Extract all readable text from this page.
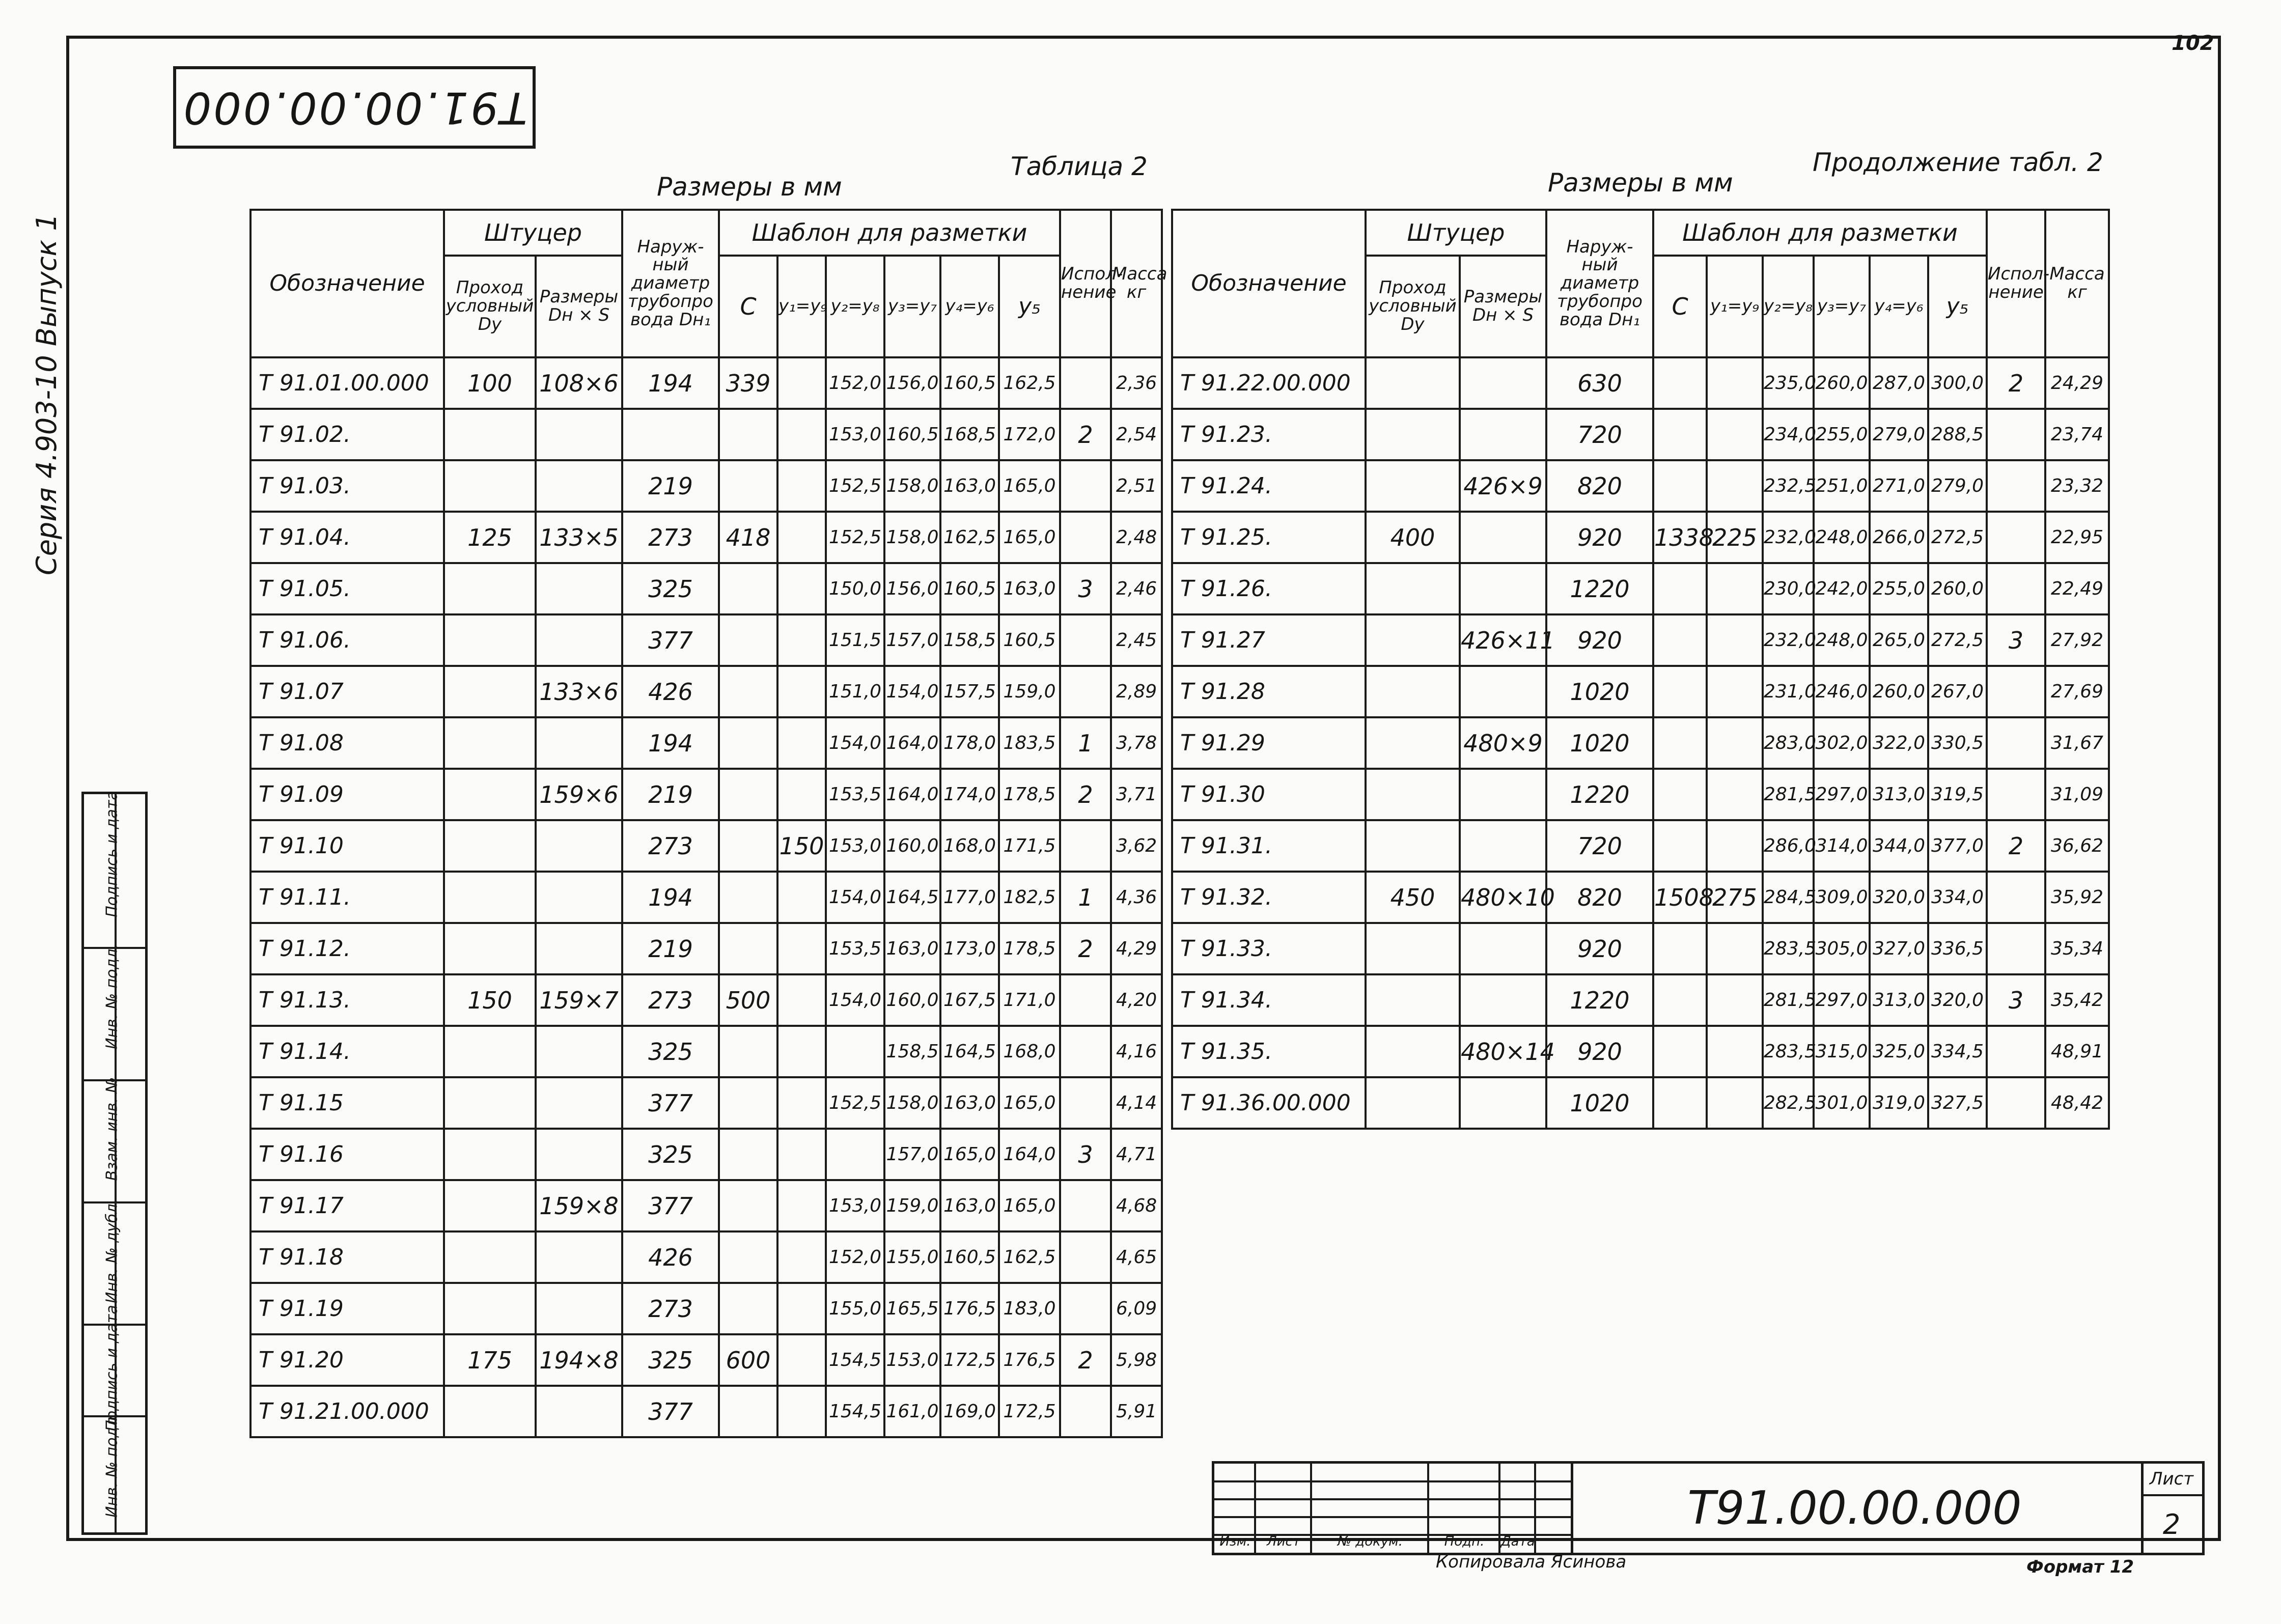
102
Т91.00.00.000
Серия 4.903-10 Выпуск 1
Размеры в мм
Таблица 2
Размеры в мм
Продолжение табл. 2
Обозначение	Штуцер		Наруж- ный диаметр трубопро вода Dн₁	Шаблон для разметки						Испол- нение	Масса кг
	Проход условный Dy	Размеры Dн × S		C	y₁=y₉	y₂=y₈	y₃=y₇	y₄=y₆	y₅		
Т 91.01.00.000	100	108×6	194	339		152,0	156,0	160,5	162,5		2,36
Т 91.02.						153,0	160,5	168,5	172,0	2	2,54
Т 91.03.			219			152,5	158,0	163,0	165,0		2,51
Т 91.04.	125	133×5	273	418		152,5	158,0	162,5	165,0		2,48
Т 91.05.			325			150,0	156,0	160,5	163,0	3	2,46
Т 91.06.			377			151,5	157,0	158,5	160,5		2,45
Т 91.07		133×6	426			151,0	154,0	157,5	159,0		2,89
Т 91.08			194			154,0	164,0	178,0	183,5	1	3,78
Т 91.09		159×6	219			153,5	164,0	174,0	178,5	2	3,71
Т 91.10			273		150	153,0	160,0	168,0	171,5		3,62
Т 91.11.			194			154,0	164,5	177,0	182,5	1	4,36
Т 91.12.			219			153,5	163,0	173,0	178,5	2	4,29
Т 91.13.	150	159×7	273	500		154,0	160,0	167,5	171,0		4,20
Т 91.14.			325				158,5	164,5	168,0		4,16
Т 91.15			377			152,5	158,0	163,0	165,0		4,14
Т 91.16			325				157,0	165,0	164,0	3	4,71
Т 91.17		159×8	377			153,0	159,0	163,0	165,0		4,68
Т 91.18			426			152,0	155,0	160,5	162,5		4,65
Т 91.19			273			155,0	165,5	176,5	183,0		6,09
Т 91.20	175	194×8	325	600		154,5	153,0	172,5	176,5	2	5,98
Т 91.21.00.000			377			154,5	161,0	169,0	172,5		5,91
Обозначение	Штуцер		Наруж- ный диаметр трубопро вода Dн₁	Шаблон для разметки						Испол- нение	Масса кг
	Проход условный Dy	Размеры Dн × S		C	y₁=y₉	y₂=y₈	y₃=y₇	y₄=y₆	y₅		
Т 91.22.00.000			630			235,0	260,0	287,0	300,0	2	24,29
Т 91.23.			720			234,0	255,0	279,0	288,5		23,74
Т 91.24.		426×9	820			232,5	251,0	271,0	279,0		23,32
Т 91.25.	400		920	1338	225	232,0	248,0	266,0	272,5		22,95
Т 91.26.			1220			230,0	242,0	255,0	260,0		22,49
Т 91.27		426×11	920			232,0	248,0	265,0	272,5	3	27,92
Т 91.28			1020			231,0	246,0	260,0	267,0		27,69
Т 91.29		480×9	1020			283,0	302,0	322,0	330,5		31,67
Т 91.30			1220			281,5	297,0	313,0	319,5		31,09
Т 91.31.			720			286,0	314,0	344,0	377,0	2	36,62
Т 91.32.	450	480×10	820	1508	275	284,5	309,0	320,0	334,0		35,92
Т 91.33.			920			283,5	305,0	327,0	336,5		35,34
Т 91.34.			1220			281,5	297,0	313,0	320,0	3	35,42
Т 91.35.		480×14	920			283,5	315,0	325,0	334,5		48,91
Т 91.36.00.000			1020			282,5	301,0	319,0	327,5		48,42
Подпись и дата
Инв. № подл.
Взам. инв. №
Инв. № дубл.
Подпись и дата
Инв. № подл.
Изм.	Лист	№ докум.	Подп.	Дата
Т91.00.00.000
Лист
2
Копировала Ясинова	Формат 12
